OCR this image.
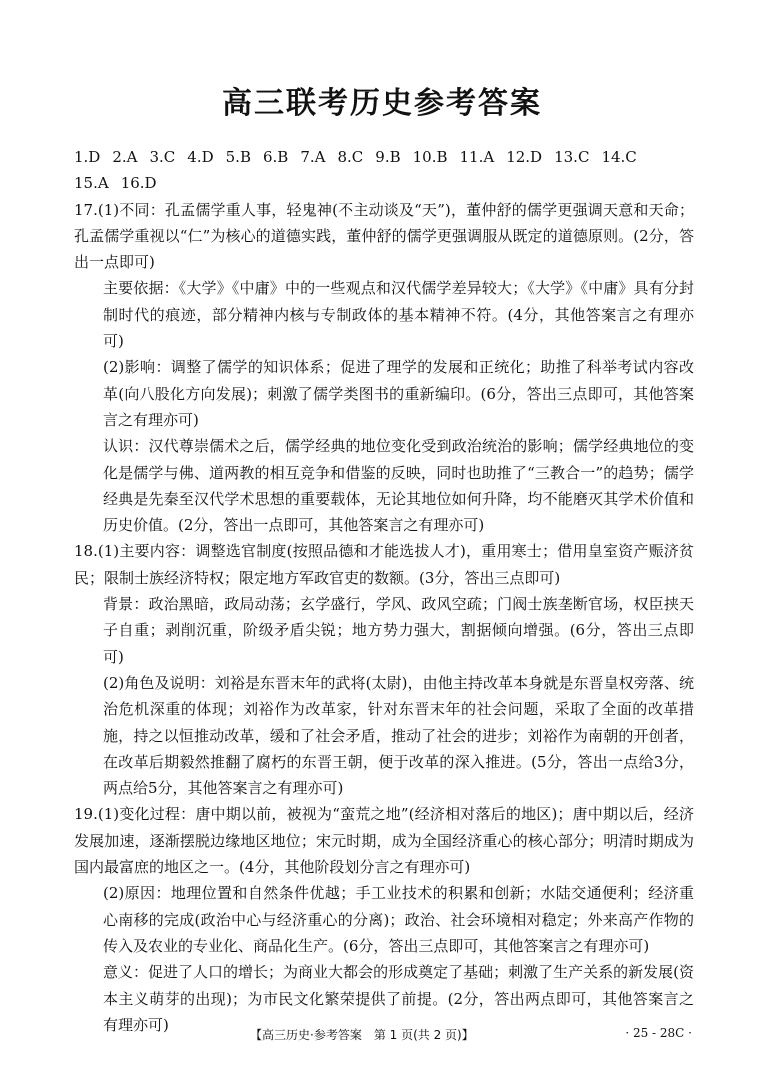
高三联考历史参考答案
1.D 2.A 3.C 4.D 5.B 6.B 7.A 8.C 9.B 10.B 11.A 12.D 13.C 14.C
15.A 16.D

17.(1)不同：孔孟儒学重人事，轻鬼神(不主动谈及“天”)，董仲舒的儒学更强调天意和天命；孔孟儒学重视以“仁”为核心的道德实践，董仲舒的儒学更强调服从既定的道德原则。(2分，答出一点即可)

主要依据：《大学》《中庸》中的一些观点和汉代儒学差异较大；《大学》《中庸》具有分封制时代的痕迹，部分精神内核与专制政体的基本精神不符。(4分，其他答案言之有理亦可)

(2)影响：调整了儒学的知识体系；促进了理学的发展和正统化；助推了科举考试内容改革(向八股化方向发展)；刺激了儒学类图书的重新编印。(6分，答出三点即可，其他答案言之有理亦可)

认识：汉代尊崇儒术之后，儒学经典的地位变化受到政治统治的影响；儒学经典地位的变化是儒学与佛、道两教的相互竞争和借鉴的反映，同时也助推了“三教合一”的趋势；儒学经典是先秦至汉代学术思想的重要载体，无论其地位如何升降，均不能磨灭其学术价值和历史价值。(2分，答出一点即可，其他答案言之有理亦可)

18.(1)主要内容：调整选官制度(按照品德和才能选拔人才)，重用寒士；借用皇室资产赈济贫民；限制士族经济特权；限定地方军政官吏的数额。(3分，答出三点即可)

背景：政治黑暗，政局动荡；玄学盛行，学风、政风空疏；门阀士族垄断官场，权臣挟天子自重；剥削沉重，阶级矛盾尖锐；地方势力强大，割据倾向增强。(6分，答出三点即可)

(2)角色及说明：刘裕是东晋末年的武将(太尉)，由他主持改革本身就是东晋皇权旁落、统治危机深重的体现；刘裕作为改革家，针对东晋末年的社会问题，采取了全面的改革措施，持之以恒推动改革，缓和了社会矛盾，推动了社会的进步；刘裕作为南朝的开创者，在改革后期毅然推翻了腐朽的东晋王朝，便于改革的深入推进。(5分，答出一点给3分，两点给5分，其他答案言之有理亦可)

19.(1)变化过程：唐中期以前，被视为“蛮荒之地”(经济相对落后的地区)；唐中期以后，经济发展加速，逐渐摆脱边缘地区地位；宋元时期，成为全国经济重心的核心部分；明清时期成为国内最富庶的地区之一。(4分，其他阶段划分言之有理亦可)

(2)原因：地理位置和自然条件优越；手工业技术的积累和创新；水陆交通便利；经济重心南移的完成(政治中心与经济重心的分离)；政治、社会环境相对稳定；外来高产作物的传入及农业的专业化、商品化生产。(6分，答出三点即可，其他答案言之有理亦可)

意义：促进了人口的增长；为商业大都会的形成奠定了基础；刺激了生产关系的新发展(资本主义萌芽的出现)；为市民文化繁荣提供了前提。(2分，答出两点即可，其他答案言之有理亦可)

【高三历史·参考答案　第 1 页(共 2 页)】	· 25 - 28C ·
